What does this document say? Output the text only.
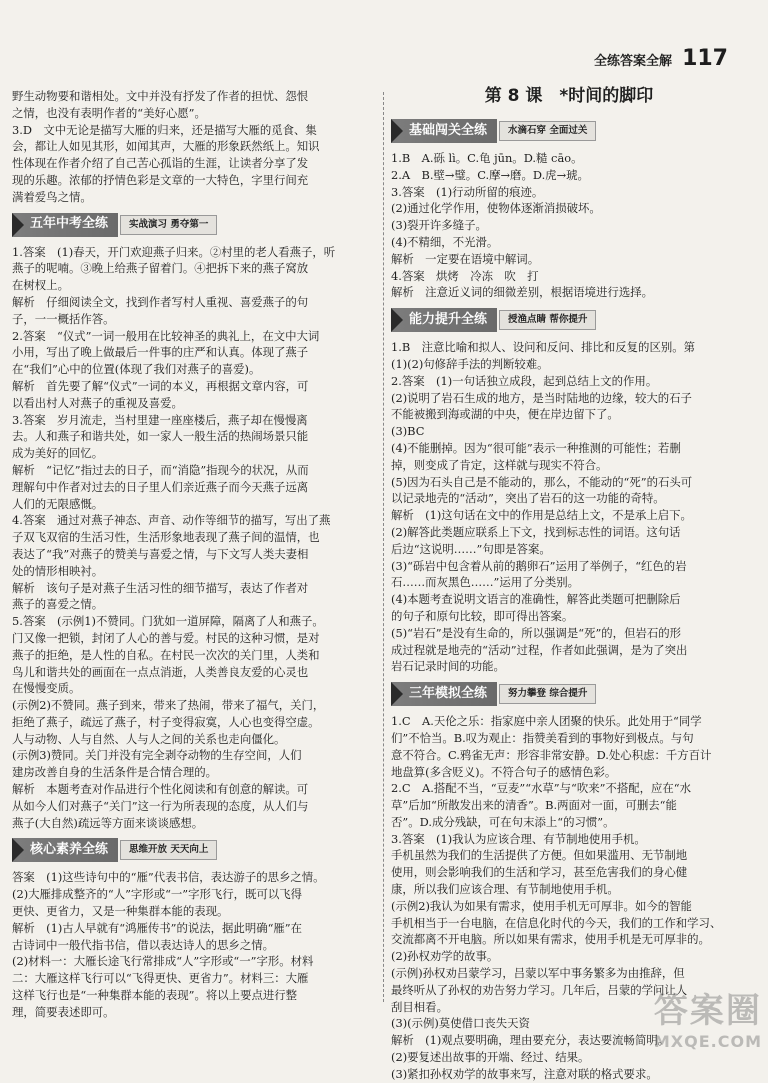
全练答案全解 117

野生动物要和谐相处。文中并没有抒发了作者的担忧、怨恨

之情，也没有表明作者的“美好心愿”。

3.D　文中无论是描写大雁的归来，还是描写大雁的觅食、集

会，都让人如见其形，如闻其声，大雁的形象跃然纸上。知识

性体现在作者介绍了自己苦心孤诣的生涯，让读者分享了发

现的乐趣。浓郁的抒情色彩是文章的一大特色，字里行间充

满着爱鸟之情。

五年中考全练	实战演习 勇夺第一

1.答案　(1)春天，开门欢迎燕子归来。②村里的老人看燕子，听

燕子的呢喃。③晚上给燕子留着门。④把拆下来的燕子窝放

在树杈上。

解析　仔细阅读全文，找到作者写村人重视、喜爱燕子的句

子，一一概括作答。

2.答案　“仪式”一词一般用在比较神圣的典礼上，在文中大词

小用，写出了晚上做最后一件事的庄严和认真。体现了燕子

在“我们”心中的位置(体现了我们对燕子的喜爱)。

解析　首先要了解“仪式”一词的本义，再根据文章内容，可

以看出村人对燕子的重视及喜爱。

3.答案　岁月流走，当村里建一座座楼后，燕子却在慢慢离

去。人和燕子和谐共处，如一家人一般生活的热闹场景只能

成为美好的回忆。

解析　“记忆”指过去的日子，而“消隐”指现今的状况，从而

理解句中作者对过去的日子里人们亲近燕子而今天燕子远离

人们的无限感慨。

4.答案　通过对燕子神态、声音、动作等细节的描写，写出了燕

子双飞双宿的生活习性，生活形象地表现了燕子间的温情，也

表达了“我”对燕子的赞美与喜爱之情，与下文写人类夫妻相

处的情形相映衬。

解析　该句子是对燕子生活习性的细节描写，表达了作者对

燕子的喜爱之情。

5.答案　(示例1)不赞同。门犹如一道屏障，隔离了人和燕子。

门又像一把锁，封闭了人心的善与爱。村民的这种习惯，是对

燕子的拒绝，是人性的自私。在村民一次次的关门里，人类和

鸟儿和谐共处的画面在一点点消逝，人类善良友爱的心灵也

在慢慢变质。

(示例2)不赞同。燕子到来，带来了热闹，带来了福气，关门，

拒绝了燕子，疏远了燕子，村子变得寂寞，人心也变得空虚。

人与动物、人与自然、人与人之间的关系也走向僵化。

(示例3)赞同。关门并没有完全剥夺动物的生存空间，人们

建房改善自身的生活条件是合情合理的。

解析　本题考查对作品进行个性化阅读和有创意的解读。可

从如今人们对燕子“关门”这一行为所表现的态度，从人们与

燕子(大自然)疏远等方面来谈谈感想。

核心素养全练	思维开放 天天向上

答案　(1)这些诗句中的“雁”代表书信，表达游子的思乡之情。

(2)大雁排成整齐的“人”字形或“一”字形飞行，既可以飞得

更快、更省力，又是一种集群本能的表现。

解析　(1)古人早就有“鸿雁传书”的说法，据此明确“雁”在

古诗词中一般代指书信，借以表达诗人的思乡之情。

(2)材料一：大雁长途飞行常排成“人”字形或“一”字形。材料

二：大雁这样飞行可以“飞得更快、更省力”。材料三：大雁

这样飞行也是“一种集群本能的表现”。将以上要点进行整

理，简要表述即可。

第 8 课　*时间的脚印
基础闯关全练	水滴石穿 全面过关

1.B　A.砾 lì。C.龟 jūn。D.糙 cāo。

2.A　B.壁→璧。C.摩→磨。D.虎→琥。

3.答案　(1)行动所留的痕迹。

(2)通过化学作用，使物体逐渐消损破坏。

(3)裂开许多缝子。

(4)不精细，不光滑。

解析　一定要在语境中解词。

4.答案　烘烤　冷冻　吹　打

解析　注意近义词的细微差别，根据语境进行选择。

能力提升全练	授渔点睛 帮你提升

1.B　注意比喻和拟人、设问和反问、排比和反复的区别。第

(1)(2)句修辞手法的判断较难。

2.答案　(1)一句话独立成段，起到总结上文的作用。

(2)说明了岩石生成的地方，是当时陆地的边缘，较大的石子

不能被搬到海或湖的中央，便在岸边留下了。

(3)BC

(4)不能删掉。因为“很可能”表示一种推测的可能性；若删

掉，则变成了肯定，这样就与现实不符合。

(5)因为石头自己是不能动的，那么，不能动的“死”的石头可

以记录地壳的“活动”，突出了岩石的这一功能的奇特。

解析　(1)这句话在文中的作用是总结上文，不是承上启下。

(2)解答此类题应联系上下文，找到标志性的词语。这句话

后边“这说明……”句即是答案。

(3)“砾岩中包含着从前的鹅卵石”运用了举例子，“红色的岩

石……而灰黑色……”运用了分类别。

(4)本题考查说明文语言的准确性，解答此类题可把删除后

的句子和原句比较，即可得出答案。

(5)“岩石”是没有生命的，所以强调是“死”的，但岩石的形

成过程就是地壳的“活动”过程，作者如此强调，是为了突出

岩石记录时间的功能。

三年模拟全练	努力攀登 综合提升

1.C　A.天伦之乐：指家庭中亲人团聚的快乐。此处用于“同学

们”不恰当。B.叹为观止：指赞美看到的事物好到极点。与句

意不符合。C.鸦雀无声：形容非常安静。D.处心积虑：千方百计

地盘算(多含贬义)。不符合句子的感情色彩。

2.C　A.搭配不当，“豆麦”“水草”与“吹来”不搭配，应在“水

草”后加“所散发出来的清香”。B.两面对一面，可删去“能

否”。D.成分残缺，可在句末添上“的习惯”。

3.答案　(1)我认为应该合理、有节制地使用手机。

手机虽然为我们的生活提供了方便。但如果滥用、无节制地

使用，则会影响我们的生活和学习，甚至危害我们的身心健

康，所以我们应该合理、有节制地使用手机。

(示例2)我认为如果有需求，使用手机无可厚非。如今的智能

手机相当于一台电脑，在信息化时代的今天，我们的工作和学习、

交流都离不开电脑。所以如果有需求，使用手机是无可厚非的。

(2)孙权劝学的故事。

(示例)孙权劝吕蒙学习，吕蒙以军中事务繁多为由推辞，但

最终听从了孙权的劝告努力学习。几年后，吕蒙的学问让人

刮目相看。

(3)(示例)莫使借口丧失天资

解析　(1)观点要明确，理由要充分，表达要流畅简明。

(2)要复述出故事的开端、经过、结果。

(3)紧扣孙权劝学的故事来写，注意对联的格式要求。

答案圈
MXQE.COM
